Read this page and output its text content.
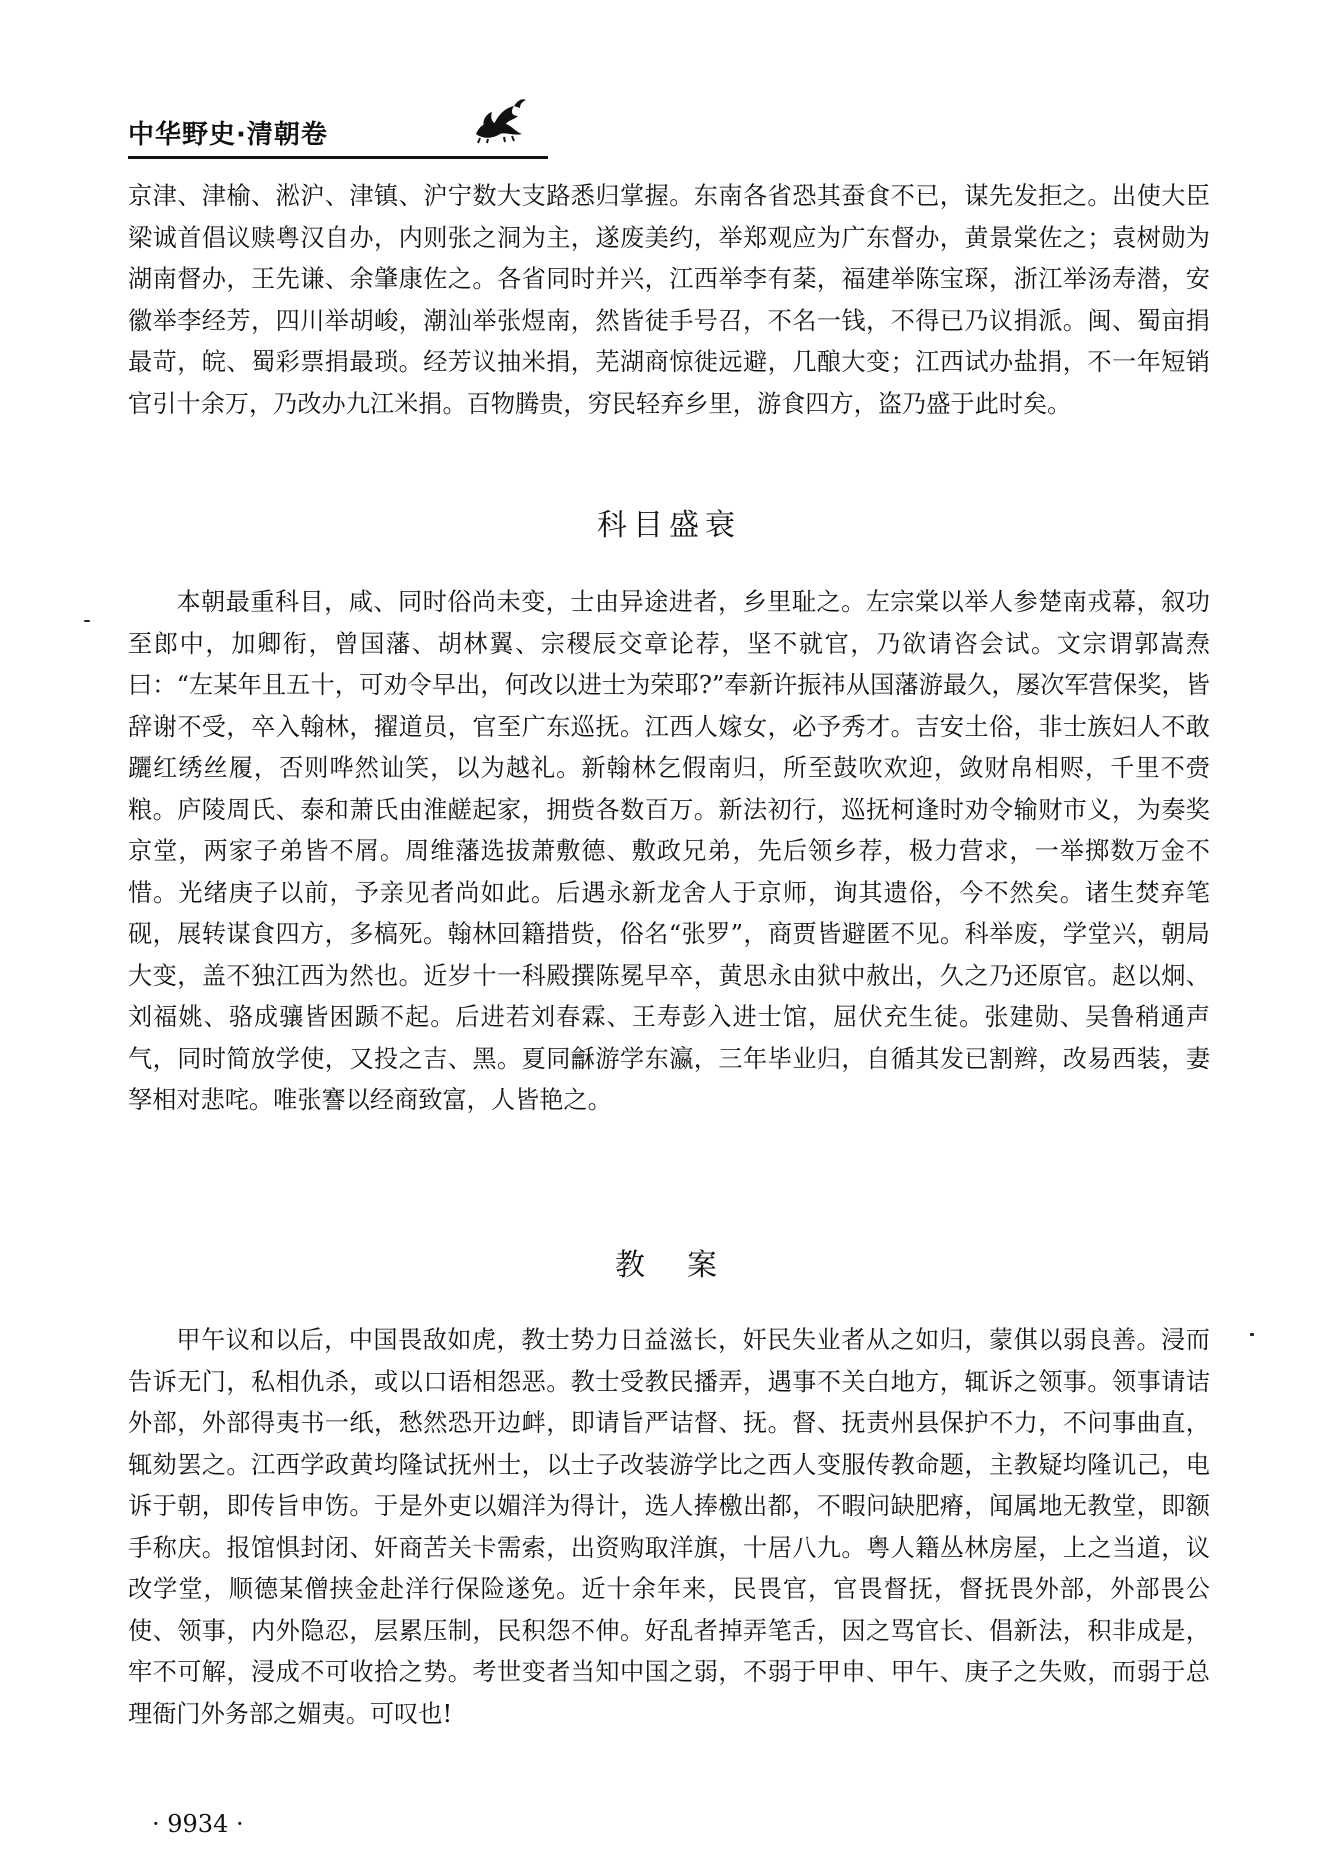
中华野史·清朝卷

京津、津榆、淞沪、津镇、沪宁数大支路悉归掌握。东南各省恐其蚕食不已，谋先发拒之。出使大臣梁诚首倡议赎粤汉自办，内则张之洞为主，遂废美约，举郑观应为广东督办，黄景棠佐之；袁树勋为湖南督办，王先谦、余肇康佐之。各省同时并兴，江西举李有棻，福建举陈宝琛，浙江举汤寿潜，安徽举李经芳，四川举胡峻，潮汕举张煜南，然皆徒手号召，不名一钱，不得已乃议捐派。闽、蜀亩捐最苛，皖、蜀彩票捐最琐。经芳议抽米捐，芜湖商惊徙远避，几酿大变；江西试办盐捐，不一年短销官引十余万，乃改办九江米捐。百物腾贵，穷民轻弃乡里，游食四方，盗乃盛于此时矣。

科目盛衰

本朝最重科目，咸、同时俗尚未变，士由异途进者，乡里耻之。左宗棠以举人参楚南戎幕，叙功至郎中，加卿衔，曾国藩、胡林翼、宗稷辰交章论荐，坚不就官，乃欲请咨会试。文宗谓郭嵩焘曰：“左某年且五十，可劝令早出，何改以进士为荣耶?”奉新许振祎从国藩游最久，屡次军营保奖，皆辞谢不受，卒入翰林，擢道员，官至广东巡抚。江西人嫁女，必予秀才。吉安土俗，非士族妇人不敢躧红绣丝履，否则哗然讪笑，以为越礼。新翰林乞假南归，所至鼓吹欢迎，敛财帛相赆，千里不赍粮。庐陵周氏、泰和萧氏由淮鹾起家，拥赀各数百万。新法初行，巡抚柯逢时劝令输财市义，为奏奖京堂，两家子弟皆不屑。周维藩选拔萧敷德、敷政兄弟，先后领乡荐，极力营求，一举掷数万金不惜。光绪庚子以前，予亲见者尚如此。后遇永新龙舍人于京师，询其遗俗，今不然矣。诸生焚弃笔砚，展转谋食四方，多槁死。翰林回籍措赀，俗名“张罗”，商贾皆避匿不见。科举废，学堂兴，朝局大变，盖不独江西为然也。近岁十一科殿撰陈冕早卒，黄思永由狱中赦出，久之乃还原官。赵以炯、刘福姚、骆成骧皆困踬不起。后进若刘春霖、王寿彭入进士馆，屈伏充生徒。张建勋、吴鲁稍通声气，同时简放学使，又投之吉、黑。夏同龢游学东瀛，三年毕业归，自循其发已割辫，改易西装，妻孥相对悲咤。唯张謇以经商致富，人皆艳之。

教　案

甲午议和以后，中国畏敌如虎，教士势力日益滋长，奸民失业者从之如归，蒙倛以弱良善。浸而告诉无门，私相仇杀，或以口语相怨恶。教士受教民播弄，遇事不关白地方，辄诉之领事。领事请诘外部，外部得夷书一纸，愁然恐开边衅，即请旨严诘督、抚。督、抚责州县保护不力，不问事曲直，辄劾罢之。江西学政黄均隆试抚州士，以士子改装游学比之西人变服传教命题，主教疑均隆讥己，电诉于朝，即传旨申饬。于是外吏以媚洋为得计，选人捧檄出都，不暇问缺肥瘠，闻属地无教堂，即额手称庆。报馆惧封闭、奸商苦关卡需索，出资购取洋旗，十居八九。粤人籍丛林房屋，上之当道，议改学堂，顺德某僧挟金赴洋行保险遂免。近十余年来，民畏官，官畏督抚，督抚畏外部，外部畏公使、领事，内外隐忍，层累压制，民积怨不伸。好乱者掉弄笔舌，因之骂官长、倡新法，积非成是，牢不可解，浸成不可收拾之势。考世变者当知中国之弱，不弱于甲申、甲午、庚子之失败，而弱于总理衙门外务部之媚夷。可叹也!

· 9934 ·
